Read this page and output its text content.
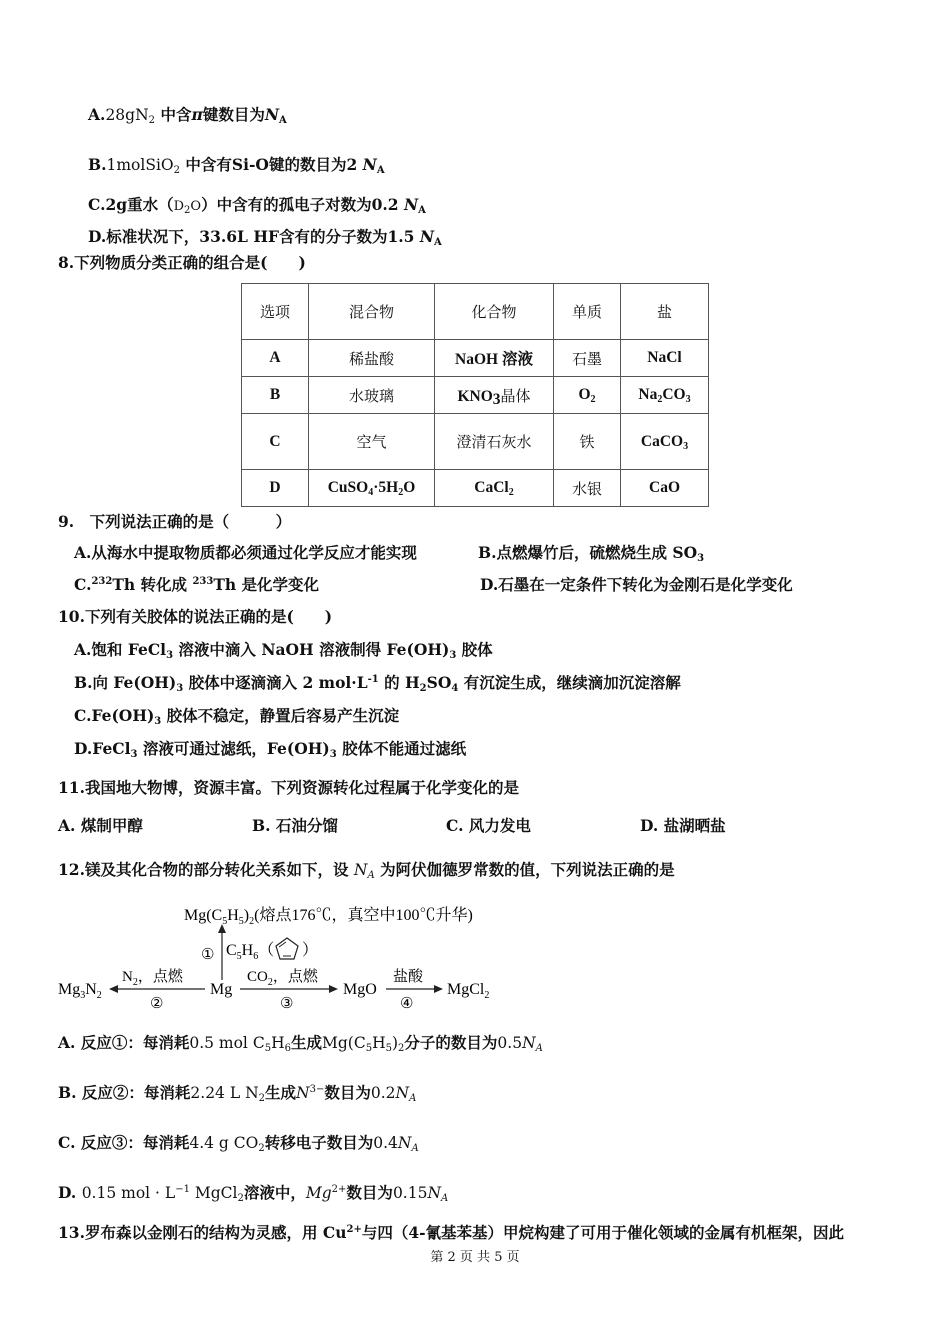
$A.28gN_2$ 中含π键数目为$N_A$
B.1molSiO$_2$ 中含有Si-O键的数目为2 $N_A$
C.2g重水$(D_2O)$中含有的孤电子对数为0.2 $N_A$
D.标准状况下，33.6L HF含有的分子数为1.5 $N_A$
8.下列物质分类正确的组合是(　　)
选项	混合物	化合物	单质	盐
A	稀盐酸	NaOH 溶液	石墨	NaCl
B	水玻璃	$KNO_3$晶体	$O_2$	$Na_2CO_3$
C	空气	澄清石灰水	铁	CaCO$_3$
D	$CuSO_4\cdot 5H_2O$	CaCl$_2$	水银	CaO
9.　下列说法正确的是（　　　）
A.从海水中提取物质都必须通过化学反应才能实现	B.点燃爆竹后，硫燃烧生成 $SO_3$
C.$^{232}$Th 转化成 $^{233}$Th 是化学变化	D.石墨在一定条件下转化为金刚石是化学变化
10.下列有关胶体的说法正确的是(　　)
A.饱和 FeCl$_3$ 溶液中滴入 NaOH 溶液制得 $Fe(OH)_3$ 胶体
B.向 $Fe(OH)_3$ 胶体中逐滴滴入 2 $mol\cdot L^{-1}$ 的 $H_2SO_4$ 有沉淀生成，继续滴加沉淀溶解
$C.Fe(OH)_3$ 胶体不稳定，静置后容易产生沉淀
D.FeCl$_3$ 溶液可通过滤纸，$Fe(OH)_3$ 胶体不能通过滤纸
11.我国地大物博，资源丰富。下列资源转化过程属于化学变化的是
A. 煤制甲醇	B. 石油分馏	C. 风力发电	D. 盐湖晒盐
12.镁及其化合物的部分转化关系如下，设 $N_A$ 为阿伏伽德罗常数的值，下列说法正确的是
$Mg(C_5H_5)_2$(熔点176℃，真空中100℃升华)
① $C_5H_6$（ ）
$Mg_3N_2$
$N_2$，点燃
②
Mg
$CO_2$，点燃
③
MgO
盐酸
④
MgCl$_2$
A. 反应①：每消耗0.5 mol $C_5H_6$生成$Mg(C_5H_5)_2$分子的数目为$0.5N_A$
B. 反应②：每消耗2.24 L $N_2$生成$N^{3-}$数目为$0.2N_A$
C. 反应③：每消耗4.4 g $CO_2$转移电子数目为$0.4N_A$
D. 0.15 mol · $L^{-1}$ MgCl$_2$溶液中，$Mg^{2+}$数目为$0.15N_A$
13.罗布森以金刚石的结构为灵感，用 $Cu^{2+}$与四（4-氰基苯基）甲烷构建了可用于催化领域的金属有机框架，因此
第 2 页 共 5 页
